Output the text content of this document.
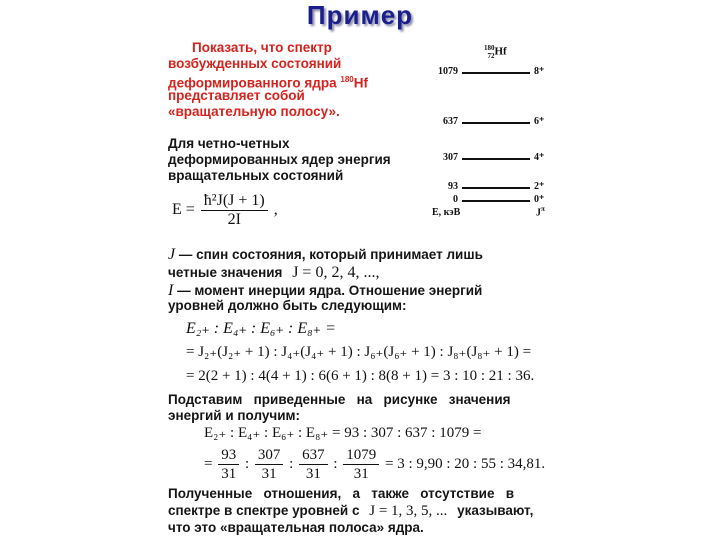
Пример
Показать, что спектр
возбужденных состояний
деформированного ядра $^{180}$Hf
представляет собой
«вращательную полосу».
Для четно-четных
деформированных ядер энергия
вращательных состояний
$E = \frac{\text{ħ²J(J + 1)}}{2I}$ ,
J — спин состояния, который принимает лишь
четные значения J = 0, 2, 4, ...,
I — момент инерции ядра. Отношение энергий
уровней должно быть следующим:
E₂₊ : E₄₊ : E₆₊ : E₈₊ =
= J₂₊(J₂₊ + 1) : J₄₊(J₄₊ + 1) : J₆₊(J₆₊ + 1) : J₈₊(J₈₊ + 1) =
= 2(2 + 1) : 4(4 + 1) : 6(6 + 1) : 8(8 + 1) = 3 : 10 : 21 : 36.
Подставим   приведенные   на   рисунке   значения
энергий и получим:
E₂₊ : E₄₊ : E₆₊ : E₈₊ = 93 : 307 : 637 : 1079 =
= $\frac{93}{31}$ : $\frac{307}{31}$ : $\frac{637}{31}$ : $\frac{1079}{31} = 3$ : 9,90 : 20 : 55 : 34,81.
Полученные   отношения,   а   также   отсутствие   в
спектре в спектре уровней с J = 1, 3, 5, ... указывают,
что это «вращательная полоса» ядра.
180
72Hf
1079	8⁺
637	6⁺
307	4⁺
93	2⁺
0	0⁺
E, кэВ	$J^\pi$
